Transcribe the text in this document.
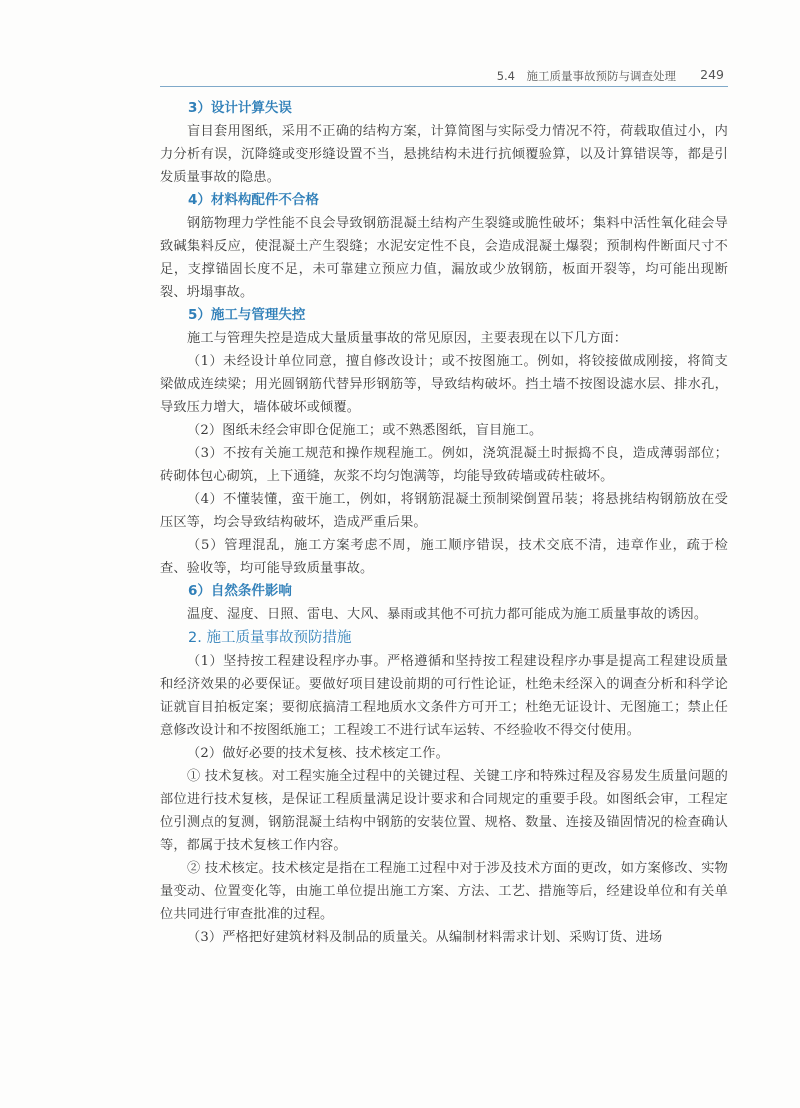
5.4　施工质量事故预防与调查处理 249
3）设计计算失误
盲目套用图纸，采用不正确的结构方案，计算简图与实际受力情况不符，荷载取值过小，内力分析有误，沉降缝或变形缝设置不当，悬挑结构未进行抗倾覆验算，以及计算错误等，都是引发质量事故的隐患。
4）材料构配件不合格
钢筋物理力学性能不良会导致钢筋混凝土结构产生裂缝或脆性破坏；集料中活性氧化硅会导致碱集料反应，使混凝土产生裂缝；水泥安定性不良，会造成混凝土爆裂；预制构件断面尺寸不足，支撑锚固长度不足，未可靠建立预应力值，漏放或少放钢筋，板面开裂等，均可能出现断裂、坍塌事故。
5）施工与管理失控
施工与管理失控是造成大量质量事故的常见原因，主要表现在以下几方面：
（1）未经设计单位同意，擅自修改设计；或不按图施工。例如，将铰接做成刚接，将简支梁做成连续梁；用光圆钢筋代替异形钢筋等，导致结构破坏。挡土墙不按图设滤水层、排水孔，导致压力增大，墙体破坏或倾覆。
（2）图纸未经会审即仓促施工；或不熟悉图纸，盲目施工。
（3）不按有关施工规范和操作规程施工。例如，浇筑混凝土时振捣不良，造成薄弱部位；砖砌体包心砌筑，上下通缝，灰浆不均匀饱满等，均能导致砖墙或砖柱破坏。
（4）不懂装懂，蛮干施工，例如，将钢筋混凝土预制梁倒置吊装；将悬挑结构钢筋放在受压区等，均会导致结构破坏，造成严重后果。
（5）管理混乱，施工方案考虑不周，施工顺序错误，技术交底不清，违章作业，疏于检查、验收等，均可能导致质量事故。
6）自然条件影响
温度、湿度、日照、雷电、大风、暴雨或其他不可抗力都可能成为施工质量事故的诱因。
2. 施工质量事故预防措施
（1）坚持按工程建设程序办事。严格遵循和坚持按工程建设程序办事是提高工程建设质量和经济效果的必要保证。要做好项目建设前期的可行性论证，杜绝未经深入的调查分析和科学论证就盲目拍板定案；要彻底搞清工程地质水文条件方可开工；杜绝无证设计、无图施工；禁止任意修改设计和不按图纸施工；工程竣工不进行试车运转、不经验收不得交付使用。
（2）做好必要的技术复核、技术核定工作。
① 技术复核。对工程实施全过程中的关键过程、关键工序和特殊过程及容易发生质量问题的部位进行技术复核，是保证工程质量满足设计要求和合同规定的重要手段。如图纸会审，工程定位引测点的复测，钢筋混凝土结构中钢筋的安装位置、规格、数量、连接及锚固情况的检查确认等，都属于技术复核工作内容。
② 技术核定。技术核定是指在工程施工过程中对于涉及技术方面的更改，如方案修改、实物量变动、位置变化等，由施工单位提出施工方案、方法、工艺、措施等后，经建设单位和有关单位共同进行审查批准的过程。
（3）严格把好建筑材料及制品的质量关。从编制材料需求计划、采购订货、进场
